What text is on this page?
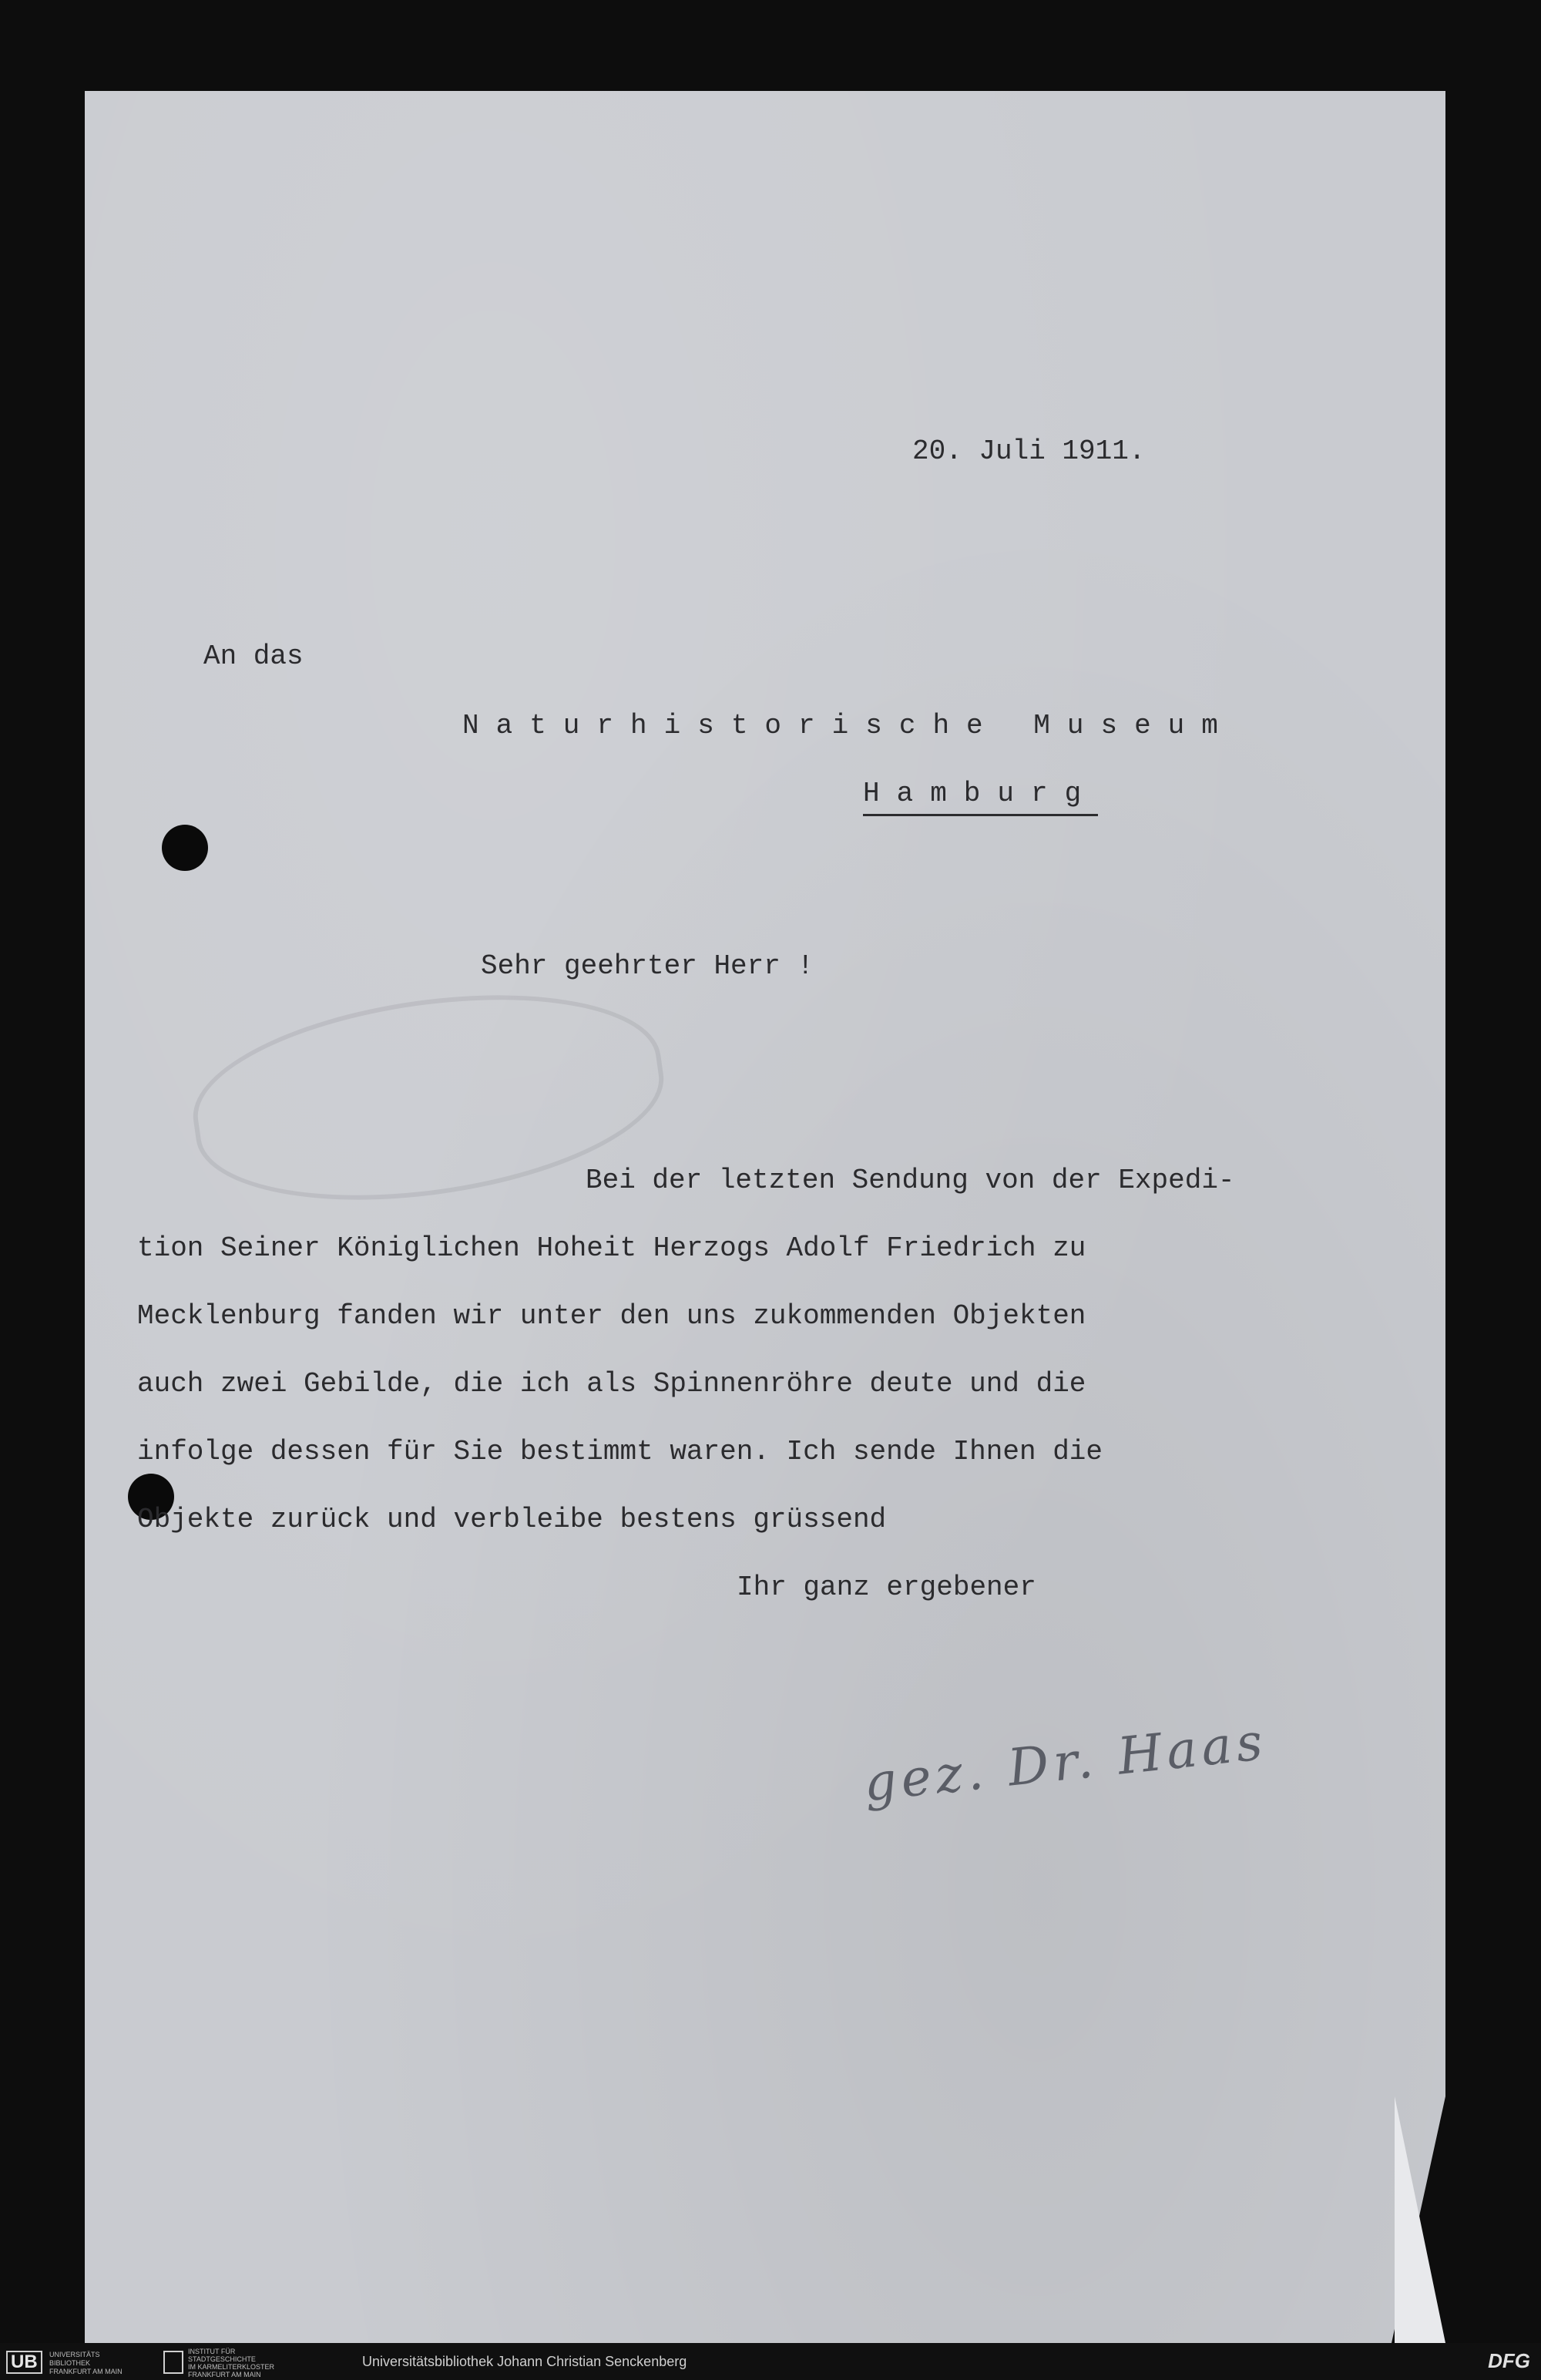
20. Juli 1911.

An das

Naturhistorische Museum

Hamburg

Sehr geehrter Herr !

Bei der letzten Sendung von der Expedi-

tion Seiner Königlichen Hoheit Herzogs Adolf Friedrich zu

Mecklenburg fanden wir unter den uns zukommenden Objekten

auch zwei Gebilde, die ich als Spinnenröhre deute und die

infolge dessen für Sie bestimmt waren. Ich sende Ihnen die

Objekte zurück und verbleibe bestens grüssend

Ihr ganz ergebener

gez. Dr. Haas
UB	UNIVERSITÄTS
BIBLIOTHEK
FRANKFURT AM MAIN
INSTITUT FÜR
STADTGESCHICHTE
IM KARMELITERKLOSTER
FRANKFURT AM MAIN
Universitätsbibliothek Johann Christian Senckenberg	DFG
